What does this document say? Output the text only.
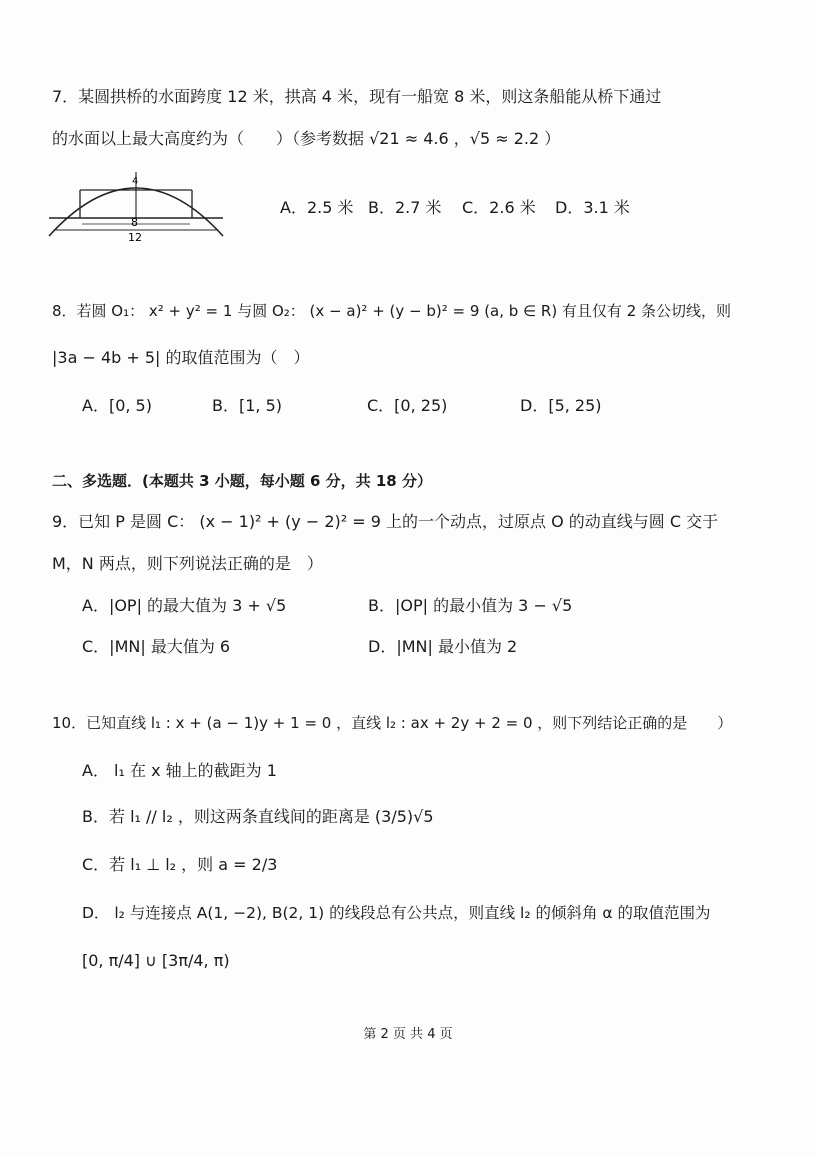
7．某圆拱桥的水面跨度 12 米，拱高 4 米，现有一船宽 8 米，则这条船能从桥下通过
的水面以上最大高度约为（　　）（参考数据 √21 ≈ 4.6 ，√5 ≈ 2.2 ）
4
8
12
A．2.5 米 B．2.7 米 C．2.6 米 D．3.1 米
8．若圆 O₁： x² + y² = 1 与圆 O₂： (x − a)² + (y − b)² = 9 (a, b ∈ R) 有且仅有 2 条公切线，则
|3a − 4b + 5| 的取值范围为（　）
A．[0, 5)	B．[1, 5)	C．[0, 25)	D．[5, 25)
二、多选题．(本题共 3 小题，每小题 6 分，共 18 分）
9．已知 P 是圆 C： (x − 1)² + (y − 2)² = 9 上的一个动点，过原点 O 的动直线与圆 C 交于
M，N 两点，则下列说法正确的是　）
A．|OP| 的最大值为 3 + √5	B．|OP| 的最小值为 3 − √5
C．|MN| 最大值为 6	D．|MN| 最小值为 2
10．已知直线 l₁ : x + (a − 1)y + 1 = 0 ，直线 l₂ : ax + 2y + 2 = 0 ，则下列结论正确的是　　）
A． l₁ 在 x 轴上的截距为 1
B．若 l₁ // l₂ ，则这两条直线间的距离是 (3/5)√5
C．若 l₁ ⊥ l₂ ，则 a = 2/3
D． l₂ 与连接点 A(1, −2), B(2, 1) 的线段总有公共点，则直线 l₂ 的倾斜角 α 的取值范围为
[0, π/4] ∪ [3π/4, π)
第 2 页 共 4 页
